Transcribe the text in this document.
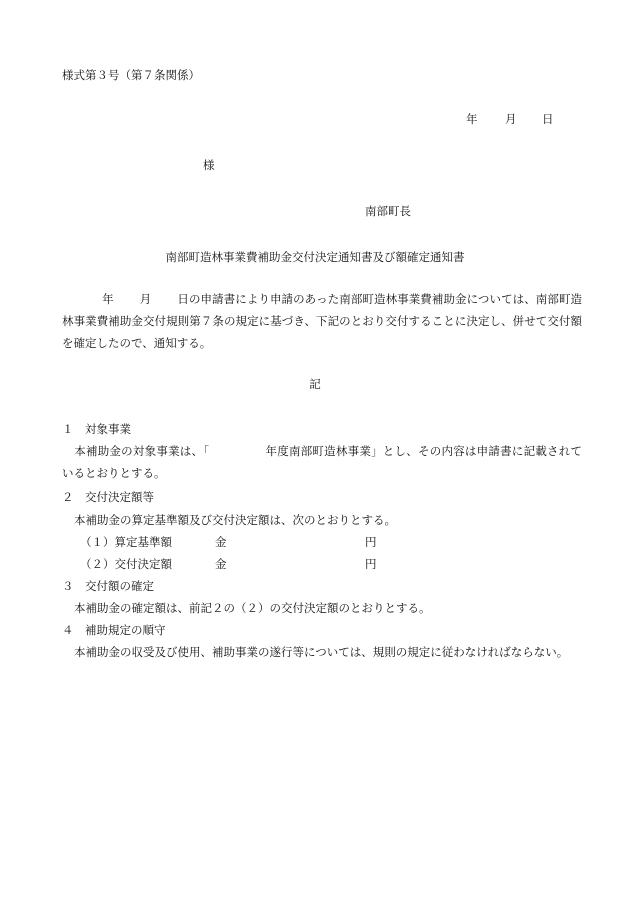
様式第３号（第７条関係）
年 月 日
様
南部町長
南部町造林事業費補助金交付決定通知書及び額確定通知書
年 月 日の申請書により申請のあった南部町造林事業費補助金については、南部町造林事業費補助金交付規則第７条の規定に基づき、下記のとおり交付することに決定し、併せて交付額を確定したので、通知する。
記
１　対象事業
本補助金の対象事業は、「	年度南部町造林事業」とし、その内容は申請書に記載されているとおりとする。
２　交付決定額等
本補助金の算定基準額及び交付決定額は、次のとおりとする。
（１）算定基準額	金	円
（２）交付決定額	金	円
３　交付額の確定
本補助金の確定額は、前記２の（２）の交付決定額のとおりとする。
４　補助規定の順守
本補助金の収受及び使用、補助事業の遂行等については、規則の規定に従わなければならない。
